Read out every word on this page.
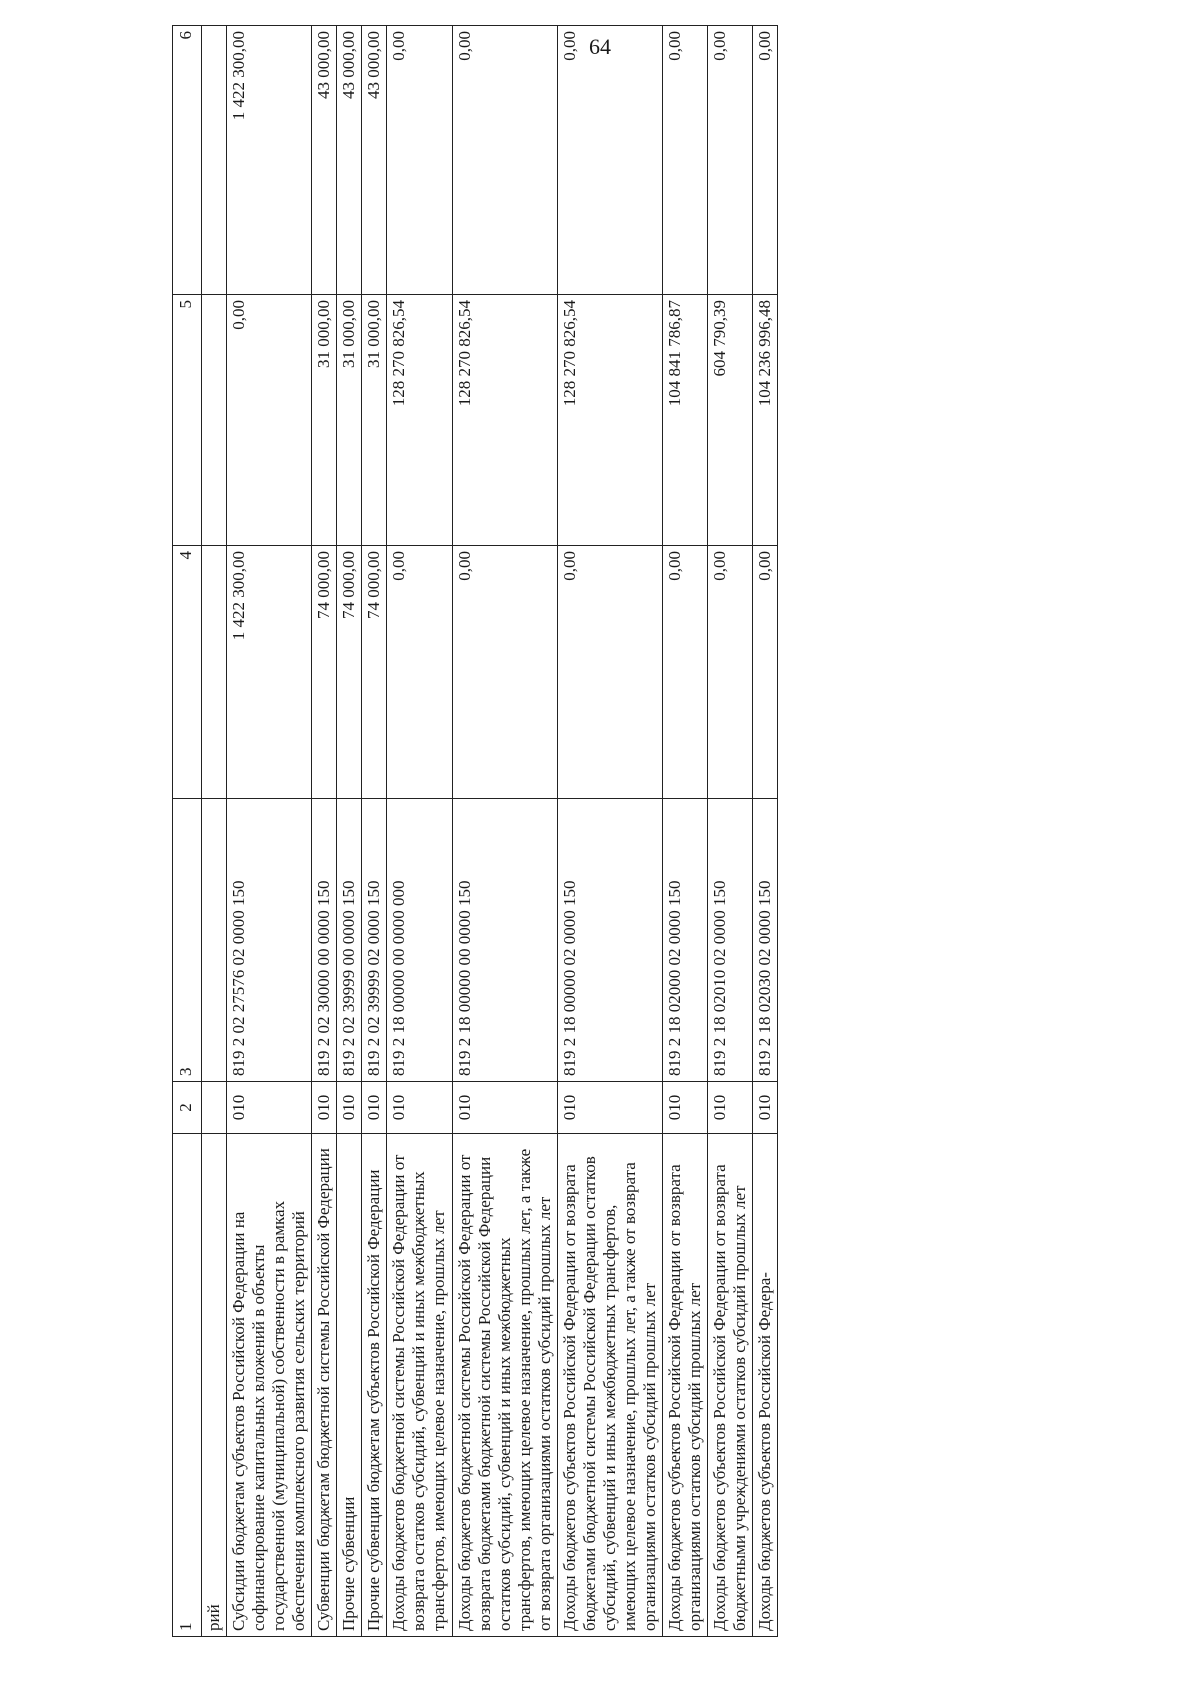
64
1	2	3	4	5	6
рий					
Субсидии бюджетам субъектов Российской Федерации на софинансирование капитальных вложений в объекты государственной (муниципальной) собственности в рамках обеспечения комплексного развития сельских территорий	010	819 2 02 27576 02 0000 150	1 422 300,00	0,00	1 422 300,00
Субвенции бюджетам бюджетной системы Российской Федерации	010	819 2 02 30000 00 0000 150	74 000,00	31 000,00	43 000,00
Прочие субвенции	010	819 2 02 39999 00 0000 150	74 000,00	31 000,00	43 000,00
Прочие субвенции бюджетам субъектов Российской Федерации	010	819 2 02 39999 02 0000 150	74 000,00	31 000,00	43 000,00
Доходы бюджетов бюджетной системы Российской Федерации от возврата остатков субсидий, субвенций и иных межбюджетных трансфертов, имеющих целевое назначение, прошлых лет	010	819 2 18 00000 00 0000 000	0,00	128 270 826,54	0,00
Доходы бюджетов бюджетной системы Российской Федерации от возврата бюджетами бюджетной системы Российской Федерации остатков субсидий, субвенций и иных межбюджетных трансфертов, имеющих целевое назначение, прошлых лет, а также от возврата организациями остатков субсидий прошлых лет	010	819 2 18 00000 00 0000 150	0,00	128 270 826,54	0,00
Доходы бюджетов субъектов Российской Федерации от возврата бюджетами бюджетной системы Российской Федерации остатков субсидий, субвенций и иных межбюджетных трансфертов, имеющих целевое назначение, прошлых лет, а также от возврата организациями остатков субсидий прошлых лет	010	819 2 18 00000 02 0000 150	0,00	128 270 826,54	0,00
Доходы бюджетов субъектов Российской Федерации от возврата организациями остатков субсидий прошлых лет	010	819 2 18 02000 02 0000 150	0,00	104 841 786,87	0,00
Доходы бюджетов субъектов Российской Федерации от возврата бюджетными учреждениями остатков субсидий прошлых лет	010	819 2 18 02010 02 0000 150	0,00	604 790,39	0,00
Доходы бюджетов субъектов Российской Федера-	010	819 2 18 02030 02 0000 150	0,00	104 236 996,48	0,00
